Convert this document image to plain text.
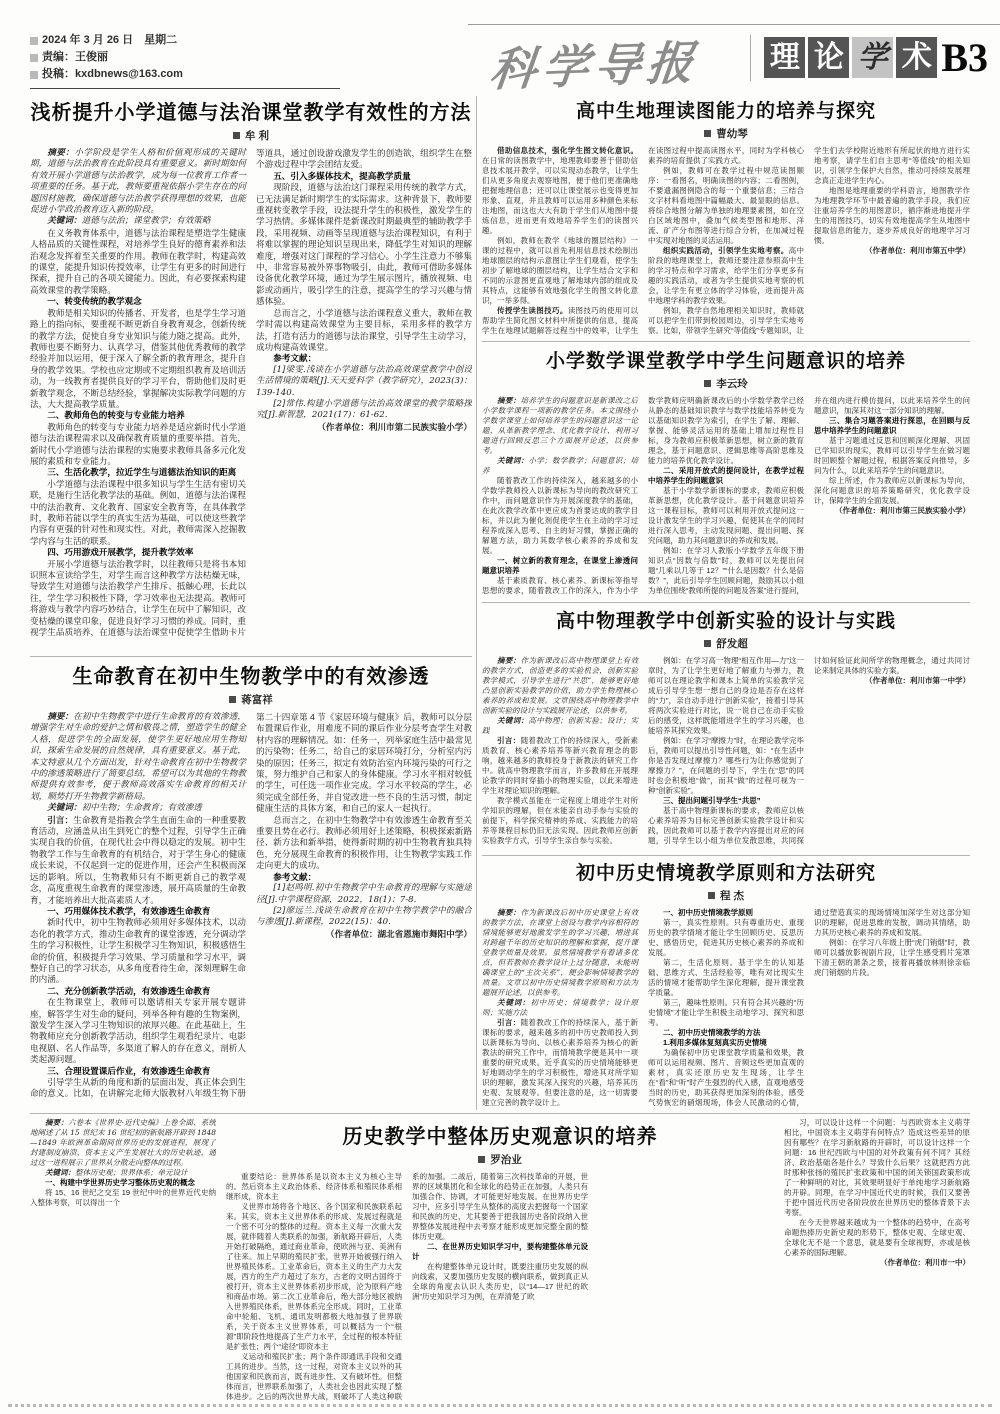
2024 年 3 月 26 日　星期二
责编：王俊丽
投稿：kxdbnews@163.com	科学导报	理 论 学 术 B3
浅析提升小学道德与法治课堂教学有效性的方法
牟 利

摘要：小学阶段是学生人格和价值观形成的关键时期，道德与法治教育在此阶段具有重要意义。新时期如何有效开展小学道德与法治教学，成为每一位教育工作者一项重要的任务。基于此，教师要重视依据小学生存在的问题因材施教，确保道德与法治教学获得理想的效果，也能促进小学政治教育迈入新的阶段。

关键词：道德与法治；课堂教学；有效策略

在义务教育体系中，道德与法治课程是塑造学生健康人格品质的关键性课程，对培养学生良好的德育素养和法治观念发挥着至关重要的作用。教师在教学时，构建高效的课堂，能提升知识传授效率，让学生有更多的时间进行探索，提升自己的各项关键能力。因此，有必要探索构建高效课堂的教学策略。

一、转变传统的教学观念

教师是相关知识的传播者、开发者，也是学生学习道路上的指向标，要重视不断更新自身教育观念，创新传统的教学方法，促使自身专业知识与能力随之提高。此外，教师也要不断努力、认真学习，借鉴其他优秀教师的教学经验并加以运用，便于深入了解全新的教育理念，提升自身的教学效果。学校也应定期或不定期组织教育及培训活动，为一线教育者提供良好的学习平台，帮助他们及时更新教学观念，不断总结经验，掌握解决实际教学问题的方法，大大提高教学质量。

二、教师角色的转变与专业能力培养

教师角色的转变与专业能力培养是适应新时代小学道德与法治课程需求以及确保教育质量的重要举措。首先，新时代小学道德与法治课程的实施要求教师具备多元化发展的素质和专业能力。

三、生活化教学，拉近学生与道德法治知识的距离

小学道德与法治课程中很多知识与学生生活有密切关联，是施行生活化教学法的基础。例如，道德与法治课程中的法治教育、文化教育、国家安全教育等，在具体教学时，教师若能以学生的真实生活为基础，可以使这些教学内容有更强的针对性和现实性。对此，教师需深入挖掘教学内容与生活的联系。

四、巧用游戏开展教学，提升教学效率

开展小学道德与法治教学时，以往教师只是将书本知识照本宣读给学生，对学生而言这种教学方法枯燥无味，导致学生对道德与法治教学产生排斥、抵触心理，长此以往，学生学习积极性下降，学习效率也无法提高。教师可将游戏与教学内容巧妙结合，让学生在玩中了解知识，改变枯燥的课堂印象，促进良好学习习惯的养成。同时，重视学生品质培养，在道德与法治课堂中促使学生借助卡片等道具，通过创设游戏激发学生的创造欲，组织学生在整个游戏过程中学会团结友爱。

五、引入多媒体技术，提高教学质量

现阶段，道德与法治这门课程采用传统的教学方式，已无法满足新时期学生的实际需求。这种背景下，教师要重视转变教学手段，设法提升学生的积极性，激发学生的学习热情。多媒体课件是新课改时期最典型的辅助教学手段，采用视频、动画等呈现道德与法治课程知识，有利于将难以掌握的理论知识呈现出来，降低学生对知识的理解难度，增强对这门课程的学习信心。小学生注意力不够集中，非常容易被外界事物吸引，由此，教师可借助多媒体设备优化教学环境，通过为学生展示图片，播放视频、电影或动画片，吸引学生的注意，提高学生的学习兴趣与情感体验。

总而言之，小学道德与法治课程意义重大，教师在教学时需以构建高效课堂为主要目标，采用多样的教学方法，打造有活力的道德与法治课堂，引导学生主动学习，成功构建高效课堂。

参考文献：

[1]梁雯.浅谈在小学道德与法治高效课堂教学中创设生活情境的策略[J].天天爱科学（教学研究），2023(3)：139-140.

[2]常伟.构建小学道德与法治高效课堂的教学策略探究[J].新智慧，2021(17)：61-62.

（作者单位：利川市第二民族实验小学）

高中生地理读图能力的培养与探究
曹幼琴

借助信息技术，强化学生图文转化意识。在日常的读图教学中，地理教师要善于借助信息技术展开教学，可以实现动态教学，让学生们从更多角度去观察地图，便于他们更准确地把握地理信息；还可以让课堂展示也变得更加形象、直观，并且教师可以运用多种颜色来标注地图，而这也大大有助于学生们从地图中提炼信息，进而更有效地培养学生们的读图兴趣。

例如，教师在教学《地球的圈层结构》一课的过程中，就可以首先利用信息技术绘制出地球圈层的结构示意图让学生们观看，使学生初步了解地球的圈层结构，让学生结合文字和不同的示意图更直观地了解地球内部的组成及其特点，这能够有效地强化学生的图文转化意识，一举多得。

传授学生读图技巧。读图技巧的使用可以帮助学生简化图文材料中所提供的信息，提高学生在地理试题解答过程当中的效率，让学生在读图过程中提高读图水平，同时为学科核心素养的培育提供了实践方式。

例如，教师可在教学过程中规范读图顺序：一看图名，明确读图的内容；二看图例，不要遗漏图例隐含的每一个重要信息；三结合文字材料看地图中篇幅最大、最显眼的信息。将综合地图分解为单独的地理要素图，如在空白区域地图中，叠加气候类型图和地形、洋流、矿产分布图等进行综合分析，在加减过程中实现对地图的灵活运用。

组织实践活动，引领学生实地考察。高中阶段的地理课堂上，教师还要注意参照高中生的学习特点和学习需求，给学生们分享更多有趣的实践活动，或者为学生提供实地考察的机会，让学生有更立体的学习体验，进而提升高中地理学科的教学效果。

例如，教学自然地理相关知识时，教师就可以把学生们带到校园周边，引导学生实地考察。比如，带领学生研究“等值线”专题知识，让学生们去学校附近地形有所起伏的地方进行实地考察，请学生们自主思考“等值线”的相关知识，引领学生保护大自然，推动可持续发展理念真正走进学生内心。

地图是地理重要的学科语言，地图教学作为地理教学环节中最普遍的教学手段，我们应注重培养学生的用图意识，循序渐进地提升学生的用图技巧，切实有效地提高学生从地图中提取信息的能力，逐步养成良好的地理学习习惯。

（作者单位：利川市第五中学）

小学数学课堂教学中学生问题意识的培养
李云玲

摘要：培养学生的问题意识是新课改之后小学数学课程一项新的教学任务。本文围绕小学数学课堂上如何培养学生的问题意识这一论题，从革新教学理念、优化教学设计、利用习题进行回顾反思三个方面展开论述，以供参考。

关键词：小学；数学教学；问题意识；培养

随着教改工作的持续深入，越来越多的小学数学教师投入以新课标为导向的教改研究工作中，而问题意识作为开展深度教学的基础，在此次教学改革中更应成为首要达成的教学目标，并以此为催化剂促使学生在主动的学习过程养成深入思考、自主的好习惯，掌握正确的解题方法，助力其数学核心素养的养成和发展。

一、树立新的教育理念，在课堂上渗透问题意识培养

基于素质教育、核心素养、新课标等指导思想的要求，随着教改工作的深入，作为小学数学教师应明确新课改后的小学数学教学已经从静态的基础知识教学与数学技能培养转变为以基础知识教学为索引，在学生了解、理解、掌握、能够灵活运用的基础上增加过程性目标，身为教师应积极革新思想，树立新的教育理念，基于问题意识、逻辑思维等高阶思维及能力的培养优化教学设计。

二、采用开放式的提问设计，在教学过程中培养学生的问题意识

基于小学数学新课标的要求，教师应积极革新思想，优化教学设计。基于问题意识培养这一课程目标，教师可以利用开放式提问这一设计激发学生的学习兴趣，促使其在学的同时进行深入思考，主动发现问题、提出问题、探究问题，助力其问题意识的养成和发展。

例如：在学习人教版小学数学五年级下册知识点“因数与倍数”时，教师可以先提出问题“几乘以几等于 12？”“什么是因数？什么是倍数？”，此后引导学生回顾问题，鼓励其以小组为单位围绕“教师所提的问题及答案”进行提问，并在组内进行模仿提问，以此来培养学生的问题意识，加深其对这一部分知识的理解。

三、集合习题答案进行探思，在回顾与反思中培养学生的问题意识

基于习题通过反思和回顾深化理解、巩固已学知识的现实，教师可以引导学生在做习题时回顾整个解题过程，根据答案反向推导，多问为什么，以此来培养学生的问题意识。

综上所述，作为教师应以新课标为导向，深化问题意识的培养策略研究，优化教学设计，保障学生的全面发展。

（作者单位：利川市第三民族实验小学）

生命教育在初中生物教学中的有效渗透
蒋富祥

摘要：在初中生物教学中进行生命教育的有效渗透，增强学生对生命的爱护之情和敬畏之情，塑造学生的健全人格，促进学生的全面发展，使学生更好地应用生物知识，探索生命发展的自然规律，具有重要意义。基于此，本文特意从几个方面出发，针对生命教育在初中生物教学中的渗透策略进行了简要总结，希望可以为其他的生物教师提供有效参考，便于教师高效落实生命教育的相关计划，顺势打开生物教学新格局。

关键词：初中生物；生命教育；有效渗透

引言：生命教育是指教会学生直面生命的一种重要教育活动，应涵盖从出生到死亡的整个过程，引导学生正确实现自我的价值，在现代社会中得以稳定的发展。初中生物教学工作与生命教育的有机结合，对于学生身心的健康成长来说，不仅起到一定的促进作用，还会产生积极而深远的影响。所以，生物教师只有不断更新自己的教学观念，高度重视生命教育的课堂渗透，展开高质量的生命教育，才能培养出大批高素质人才。

一、巧用媒体技术教学，有效渗透生命教育

新时代中，初中生物教师必须用好多媒体技术，以动态化的教学方式，推动生命教育的课堂渗透，充分调动学生的学习积极性，让学生积极学习生物知识，积极感悟生命的价值，积极提升学习效果、学习质量和学习水平，调整好自己的学习状态，从多角度看待生命，深刻理解生命的内涵。

二、充分创新教学活动，有效渗透生命教育

在生物课堂上，教师可以邀请相关专家开展专题讲座，解答学生对生命的疑问，列举各种有趣的生物案例，激发学生深入学习生物知识的浓厚兴趣。在此基础上，生物教师应充分创新教学活动，组织学生观看纪录片、电影电视剧、名人作品等，多渠道了解人的存在意义，剖析人类起源问题。

三、合理设置课后作业，有效渗透生命教育

引导学生从新的角度和新的层面出发，真正体会到生命的意义。比如，在讲解完北师大版教材八年级生物下册第二十四章第 4 节《家居环境与健康》后，教师可以分层布置课后作业，用难度不同的课后作业分层考查学生对教材内容的理解情况。如：任务一，列举家庭生活中最常见的污染物；任务二，给自己的家居环境打分，分析室内污染的原因；任务三，拟定有效防治室内环境污染的可行之策，努力维护自己和家人的身体健康。学习水平相对较低的学生，可任选一项作业完成。学习水平较高的学生，必须完成全部任务，并自觉改进一些不良的生活习惯，制定健康生活的具体方案，和自己的家人一起执行。

总而言之，在初中生物教学中有效渗透生命教育至关重要且势在必行。教师必须用好上述策略，积极探索新路径、新方法和新举措，使得新时期的初中生物教育独具特色，充分展现生命教育的积极作用，让生物教学实践工作走向更大的成功。

参考文献：

[1]赵鸣明.初中生物教学中生命教育的理解与实施途径[J].中学课程资源，2022，18(1)：7-8.

[2]廖远兰.浅谈生命教育在初中生物学教学中的融合与渗透[J].新课程，2022(15)：40.

（作者单位：湖北省恩施市舞阳中学）

高中物理教学中创新实验的设计与实践
舒发超

摘要：作为新课改后高中物理课堂上有效的教学方式，创造更多的实验机会，创新实验教学模式，引导学生进行“共思”，能够更好地凸显创新实验教学的价值，助力学生物理核心素养的养成和发展。文章围绕高中物理教学中创新实验的设计与实践展开论述，以供参考。

关键词：高中物理；创新实验；设计；实践

引言：随着教改工作的持续深入，受新素质教育、核心素养培养等新兴教育理念的影响，越来越多的教师投身于新教法的研究工作中。就高中物理教学而言，许多教师在开展理论教学的同时穿插小的物理实验，以此来增进学生对理论知识的理解。

教学模式虽能在一定程度上增进学生对所学知识的理解，但在未能亲自动手参与实验的前提下，科学探究精神的养成、实践能力的培养等课程目标仍旧无法实现。因此教师应创新实验教学方式，引导学生亲自参与实验。

例如：在学习高一物理“相互作用—力”这一章时，为了让学生更好地了解重力与弹力，教师可以在理论教学和课本上简单的实验教学完成后引导学生想一想自己的身边是否存在这样的“力”，亲自动手进行“创新实验”，接着引导其将两次实验进行对比，说一说自己在动手实验后的感受，这样既能增进学生的学习兴趣，也能培养其探究效果。

例如：在学习“摩擦力”时，在理论教学完毕后，教师可以提出引导性问题，如：“在生活中你是否发现过摩擦力？哪些行为让你感觉到了摩擦力？”，在问题的引导下，学生在“思”的同时也会积极地“做”，而其“做”的过程可视为一种“创新实验”。

三、提出问题引导学生“共思”

基于高中物理新课标的要求，教师应以核心素养培养为目标完善创新实验教学设计和实践，因此教师可以基于教学内容提出对应的问题，引导学生以小组为单位发散思维，共同探讨如何验证此间所学的物理概念，通过共同讨论来制定具体的实验方案。

（作者单位：利川市第一中学）

初中历史情境教学原则和方法研究
程 杰

摘要：作为新课改后初中历史课堂上有效的教学方法，在课堂上创设与教学内容相符的情境能够更好地激发学生的学习兴趣，增进其对跨越千年的历史知识的理解和掌握，提升课堂教学质量及效果。虽然情境教学有着诸多优点，但若教师在教学设计上过分随意，未能明确课堂上的“主次关系”，便会影响情境教学的质量。文章以初中历史情境教学原则和方法为题展开论述，以供参考。

关键词：初中历史；情境教学；设计原则；实施方法

引言：随着教改工作的持续深入，基于新课标的要求，越来越多的初中历史教师投入到以新课标为导向、以核心素养培养为核心的新教法的研究工作中，而情境教学便是其中一项重要的研究成果。近乎真实的历史情境能够更好地调动学生的学习积极性，增进其对所学知识的理解，激发其深入探究的兴趣，培养其历史观、发展观等。但要注意的是，这一切需要建立完善的教学设计上。

一、初中历史情境教学原则

第一，真实性原则。只有尊重历史、重现历史的教学情境才能让学生回顾历史、反思历史、感悟历史，促进其历史核心素养的养成和发展。

第二，生活化原则。基于学生的认知基础、思维方式、生活经验等，唯有对比现实生活的情境才能帮助学生深化理解，提升课堂教学质量。

第三，趣味性原则。只有符合其兴趣的“历史情境”才能让学生积极主动地学习、探究和思考。

二、初中历史情境教学的方法

1.利用多媒体复刻真实历史情境

为确保初中历史课堂教学质量和效果，教师可以运用视频、图片、音频这些更加直观的素材，真实还原历史发生现场，让学生在“看”和“听”时产生强烈的代入感，直观地感受当时的历史，助其获得更加深刻的体验，感受气势恢宏的硝烟现场，体会人民激动的心情，通过塑造真实的现场情境加深学生对这部分知识的理解，促进思维的发散，调动其情绪，助力其历史核心素养的养成和发展。

例如：在学习八年级上册“虎门销烟”时，教师可以播放影视剧片段，让学生感受鸦片笼罩下清王朝的萧条之景，接着再播放林则徐亲临虎门销烟的片段。

摘要：六卷本《世界史·近代史编》上卷全面、系统地阐述了从 15 世纪末 16 世纪初的新航路开辟到 1848—1849 年欧洲革命期间世界历史的发展进程，展现了封建制度崩溃、资本主义产生发展壮大的历史轨迹，通过这一进程展示了世界从分散走向整体的过程。

关键词：整体历史观；世界体系；单元设计

一、构建中学世界历史学习整体历史观的概念

将 15、16 世纪之交至 19 世纪中叶的世界近代史纳入整体考察，可以得出一个

历史教学中整体历史观意识的培养
罗治业

重要结论：世界体系是以资本主义为核心主导的。然后资本主义政治体系、经济体系和殖民体系相继形成，资本主

义世界市场将各个地区、各个国家和民族联系起来。其实，资本主义世界体系的形成、发展过程就是一个密不可分的整体的过程。资本主义每一次重大发展，就伴随着人类联系的加强，新航路开辟后，人类开始打破隔绝，通过商业革命，使欧洲与亚、美洲有了往来。加上早期的殖民扩张，世界开始被强行纳入世界殖民体系。工业革命后，资本主义的生产力大发展，西方的生产力超过了东方，古老的文明古国终于被打开，资本主义世界体系初步形成，沦为原料产地和商品市场。第二次工业革命后，绝大部分地区被纳入世界殖民体系，世界体系完全形成。同时，工业革命中轮船、飞机、通讯发明都极大地加强了世界联系，关于资本主义世界体系，可以概括为一个“根源”即阶段性地提高了生产力水平，全过程的根本特征是扩张性；两个“途径”即资本主

义运动和殖民扩张；两个条件即通讯手段和交通工具的进步。当然，这一过程，对资本主义以外的其他国家和民族而言，既有进步性、又有破坏性。但整体而言，世界联系加强了，人类社会也因此实现了整体进步。之后的两次世界大战，则破坏了人类这种联系的加强。二战后，随着第三次科技革命的开展，世界的区域集团化和全球化的趋势正在加强，人类只有加强合作、协调，才可能更好地发展。在世界历史学习中，应多引导学生从整体的高度去把握每一个国家和民族的历史，尤其要善于把我国历史各阶段纳入世界整体发展进程中去考察才能形成更加完整全面的整体历史观。

二、在世界历史知识学习中，要构建整体单元设计

在构建整体单元设计时，既要注重历史发展的纵向线索，又要加强历史发展的横向联系，做到真正从全球的角度去认识人类历史，以“14—17 世纪的欧洲”历史知识学习为例，在弄清楚了欧

习，可以设计这样一个问题：与西欧资本主义萌芽相比，中国资本主义萌芽有何特点？造成这些差异的原因有哪些？在学习新航路的开辟时，可以设计这样一个问题：16 世纪西欧与中国的对外政策有何不同？其经济、政治基础各是什么？导致什么后果？这就把西方此时那种张扬的殖民扩张政策和中国的闭关锁国政策形成了一种鲜明的对比，其效果明显好于单纯地学习新航路的开辟。同理，在学习中国近代史的时候，我们又要善于把中国近代历史各阶段放在世界历史的整体背景下去考察。

在今天世界越来越成为一个整体的趋势中，在高考命题热捧历史新史观的形势下，整体史观、全球史观、全球化无不是一个意思，就是要有全球视野，亦或是核心素养的国际理解。

（作者单位：利川市一中）
